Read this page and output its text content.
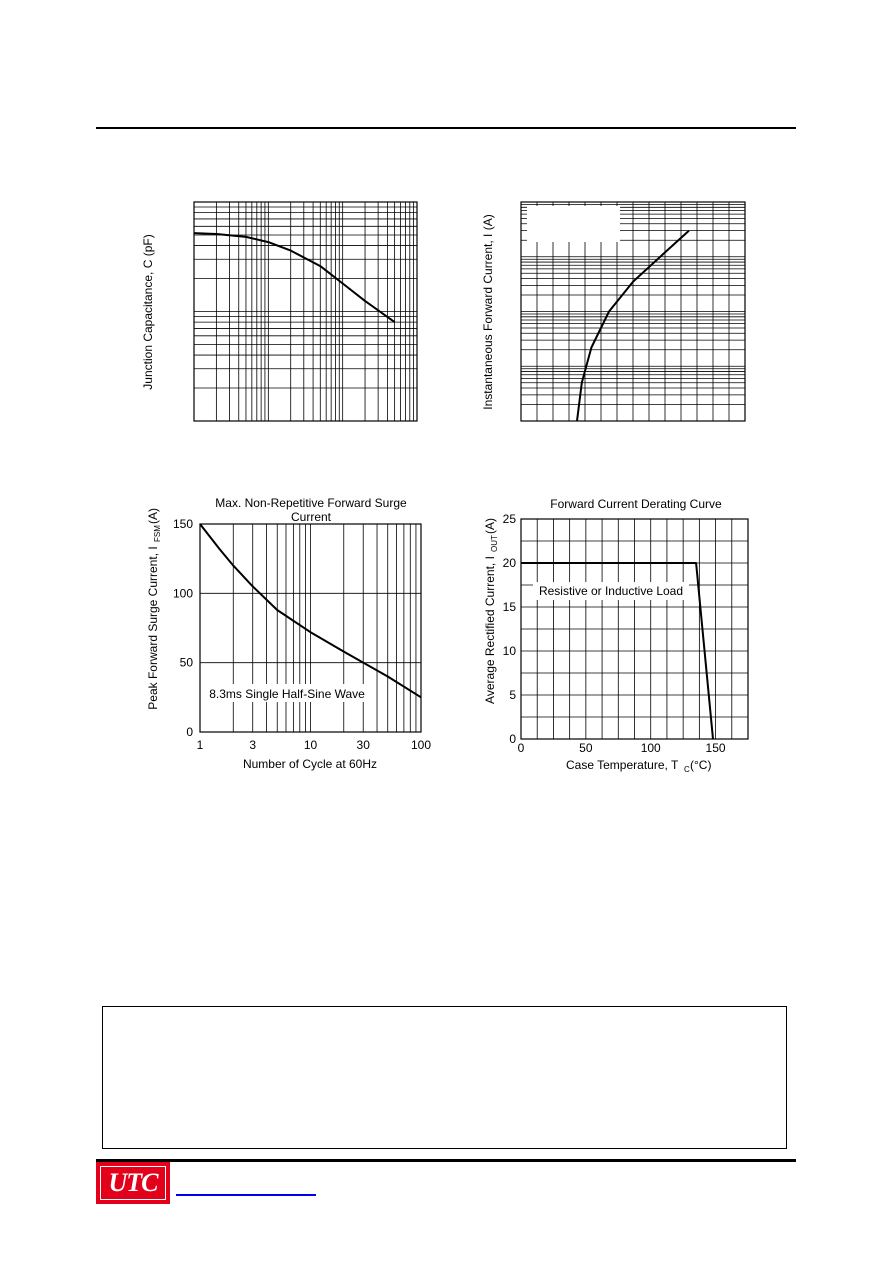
Junction Capacitance, C (pF)	Instantaneous Forward Current, I (A)
Max. Non-Repetitive Forward Surge
Current
1	3	10	30	100
0
50
100
150
8.3ms Single Half-Sine Wave
Number of Cycle at 60Hz
Peak Forward Surge Current, I
FSM
(A)
Forward Current Derating Curve
0	50	100	150
0
5
10
15
20
25
Resistive or Inductive Load
Case Temperature, T C (°C)
Average Rectified Current, I
OUT
(A)
UTC
